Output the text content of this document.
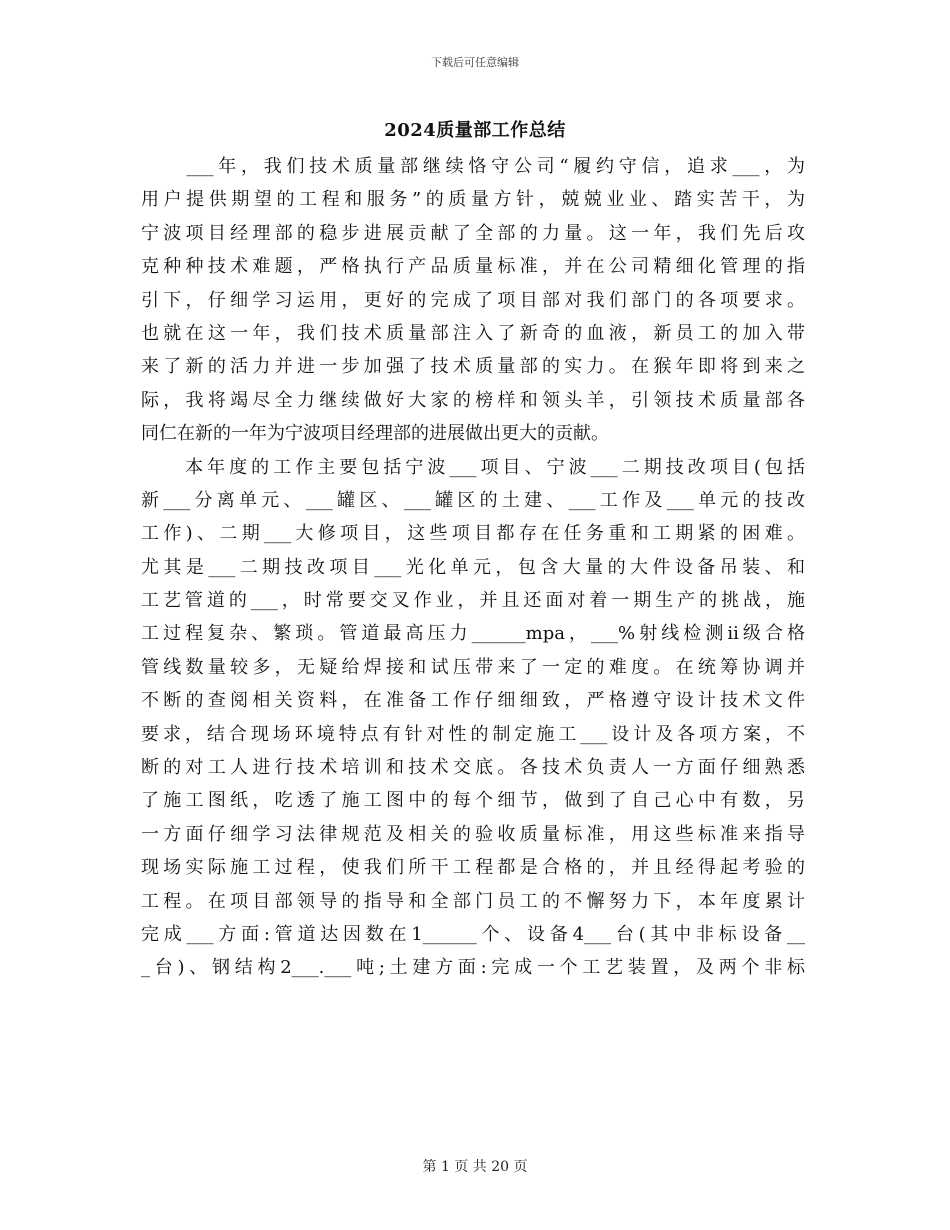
下载后可任意编辑
2024质量部工作总结
　　___年，我们技术质量部继续恪守公司“履约守信，追求___，为
用户提供期望的工程和服务”的质量方针，兢兢业业、踏实苦干，为
宁波项目经理部的稳步进展贡献了全部的力量。这一年，我们先后攻
克种种技术难题，严格执行产品质量标准，并在公司精细化管理的指
引下，仔细学习运用，更好的完成了项目部对我们部门的各项要求。
也就在这一年，我们技术质量部注入了新奇的血液，新员工的加入带
来了新的活力并进一步加强了技术质量部的实力。在猴年即将到来之
际，我将竭尽全力继续做好大家的榜样和领头羊，引领技术质量部各
同仁在新的一年为宁波项目经理部的进展做出更大的贡献。
　　本年度的工作主要包括宁波___项目、宁波___二期技改项目(包括
新___分离单元、___罐区、___罐区的土建、___工作及___单元的技改
工作)、二期___大修项目，这些项目都存在任务重和工期紧的困难。
尤其是___二期技改项目___光化单元，包含大量的大件设备吊装、和
工艺管道的___，时常要交叉作业，并且还面对着一期生产的挑战，施
工过程复杂、繁琐。管道最高压力______mpa，___%射线检测ii级合格
管线数量较多，无疑给焊接和试压带来了一定的难度。在统筹协调并
不断的查阅相关资料，在准备工作仔细细致，严格遵守设计技术文件
要求，结合现场环境特点有针对性的制定施工___设计及各项方案，不
断的对工人进行技术培训和技术交底。各技术负责人一方面仔细熟悉
了施工图纸，吃透了施工图中的每个细节，做到了自己心中有数，另
一方面仔细学习法律规范及相关的验收质量标准，用这些标准来指导
现场实际施工过程，使我们所干工程都是合格的，并且经得起考验的
工程。在项目部领导的指导和全部门员工的不懈努力下，本年度累计
完成___方面:管道达因数在1______个、设备4___台(其中非标设备__
_台)、钢结构2___.___吨;土建方面:完成一个工艺装置，及两个非标
第 1 页 共 20 页
